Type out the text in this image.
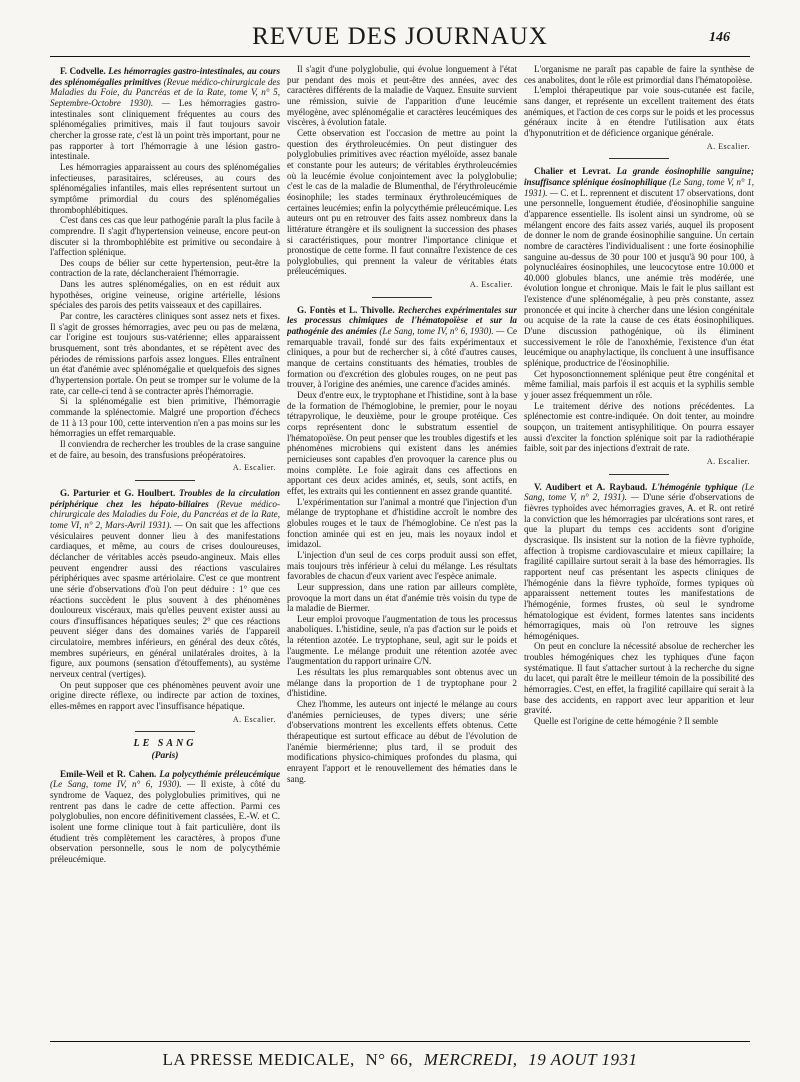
REVUE DES JOURNAUX	146

F. Codvelle. Les hémorragies gastro-intestinales, au cours des splénomégalies primitives (Revue médico-chirurgicale des Maladies du Foie, du Pancréas et de la Rate, tome V, n° 5, Septembre-Octobre 1930). — Les hémorragies gastro-intestinales sont cliniquement fréquentes au cours des splénomégalies primitives, mais il faut toujours savoir chercher la grosse rate, c'est là un point très important, pour ne pas rapporter à tort l'hémorragie à une lésion gastro-intestinale.

Les hémorragies apparaissent au cours des splénomégalies infectieuses, parasitaires, scléreuses, au cours des splénomégalies infantiles, mais elles représentent surtout un symptôme primordial du cours des splénomégalies thrombophlébitiques.

C'est dans ces cas que leur pathogénie paraît la plus facile à comprendre. Il s'agit d'hypertension veineuse, encore peut-on discuter si la thrombophlébite est primitive ou secondaire à l'affection splénique.

Des coups de bélier sur cette hypertension, peut-être la contraction de la rate, déclancheraient l'hémorragie.

Dans les autres splénomégalies, on en est réduit aux hypothèses, origine veineuse, origine artérielle, lésions spéciales des parois des petits vaisseaux et des capillaires.

Par contre, les caractères cliniques sont assez nets et fixes. Il s'agit de grosses hémorragies, avec peu ou pas de melæna, car l'origine est toujours sus-vatérienne; elles apparaissent brusquement, sont très abondantes, et se répètent avec des périodes de rémissions parfois assez longues. Elles entraînent un état d'anémie avec splénomégalie et quelquefois des signes d'hypertension portale. On peut se tromper sur le volume de la rate, car celle-ci tend à se contracter après l'hémorragie.

Si la splénomégalie est bien primitive, l'hémorragie commande la splénectomie. Malgré une proportion d'échecs de 11 à 13 pour 100, cette intervention n'en a pas moins sur les hémorragies un effet remarquable.

Il conviendra de rechercher les troubles de la crase sanguine et de faire, au besoin, des transfusions préopératoires.

A. Escalier.

G. Parturier et G. Houlbert. Troubles de la circulation périphérique chez les hépato-biliaires (Revue médico-chirurgicale des Maladies du Foie, du Pancréas et de la Rate, tome VI, n° 2, Mars-Avril 1931). — On sait que les affections vésiculaires peuvent donner lieu à des manifestations cardiaques, et même, au cours de crises douloureuses, déclancher de véritables accès pseudo-angineux. Mais elles peuvent engendrer aussi des réactions vasculaires périphériques avec spasme artériolaire. C'est ce que montrent une série d'observations d'où l'on peut déduire : 1° que ces réactions succèdent le plus souvent à des phénomènes douloureux viscéraux, mais qu'elles peuvent exister aussi au cours d'insuffisances hépatiques seules; 2° que ces réactions peuvent siéger dans des domaines variés de l'appareil circulatoire, membres inférieurs, en général des deux côtés, membres supérieurs, en général unilatérales droites, à la figure, aux poumons (sensation d'étouffements), au système nerveux central (vertiges).

On peut supposer que ces phénomènes peuvent avoir une origine directe réflexe, ou indirecte par action de toxines, elles-mêmes en rapport avec l'insuffisance hépatique.

A. Escalier.
LE SANG
(Paris)

Emile-Weil et R. Cahen. La polycythémie préleucémique (Le Sang, tome IV, n° 6, 1930). — Il existe, à côté du syndrome de Vaquez, des polyglobulies primitives, qui ne rentrent pas dans le cadre de cette affection. Parmi ces polyglobulies, non encore définitivement classées, E.-W. et C. isolent une forme clinique tout à fait particulière, dont ils étudient très complètement les caractères, à propos d'une observation personnelle, sous le nom de polycythémie préleucémique.

Il s'agit d'une polyglobulie, qui évolue longuement à l'état pur pendant des mois et peut-être des années, avec des caractères différents de la maladie de Vaquez. Ensuite survient une rémission, suivie de l'apparition d'une leucémie myélogène, avec splénomégalie et caractères leucémiques des viscères, à évolution fatale.

Cette observation est l'occasion de mettre au point la question des érythroleucémies. On peut distinguer des polyglobulies primitives avec réaction myéloïde, assez banale et constante pour les auteurs; de véritables érythroleucémies où la leucémie évolue conjointement avec la polyglobulie; c'est le cas de la maladie de Blumenthal, de l'érythroleucémie éosinophile; les stades terminaux érythroleucémiques de certaines leucémies; enfin la polycythémie préleucémique. Les auteurs ont pu en retrouver des faits assez nombreux dans la littérature étrangère et ils soulignent la succession des phases si caractéristiques, pour montrer l'importance clinique et pronostique de cette forme. Il faut connaître l'existence de ces polyglobulies, qui prennent la valeur de véritables états préleucémiques.

A. Escalier.

G. Fontès et L. Thivolle. Recherches expérimentales sur les processus chimiques de l'hématopoïèse et sur la pathogénie des anémies (Le Sang, tome IV, n° 6, 1930). — Ce remarquable travail, fondé sur des faits expérimentaux et cliniques, a pour but de rechercher si, à côté d'autres causes, manque de certains constituants des hématies, troubles de formation ou d'excrétion des globules rouges, on ne peut pas trouver, à l'origine des anémies, une carence d'acides aminés.

Deux d'entre eux, le tryptophane et l'histidine, sont à la base de la formation de l'hémoglobine, le premier, pour le noyau tétrapyrolique, le deuxième, pour le groupe protéique. Ces corps représentent donc le substratum essentiel de l'hématopoïèse. On peut penser que les troubles digestifs et les phénomènes microbiens qui existent dans les anémies pernicieuses sont capables d'en provoquer la carence plus ou moins complète. Le foie agirait dans ces affections en apportant ces deux acides aminés, et, seuls, sont actifs, en effet, les extraits qui les contiennent en assez grande quantité.

L'expérimentation sur l'animal a montré que l'injection d'un mélange de tryptophane et d'histidine accroît le nombre des globules rouges et le taux de l'hémoglobine. Ce n'est pas la fonction aminée qui est en jeu, mais les noyaux indol et imidazol.

L'injection d'un seul de ces corps produit aussi son effet, mais toujours très inférieur à celui du mélange. Les résultats favorables de chacun d'eux varient avec l'espèce animale.

Leur suppression, dans une ration par ailleurs complète, provoque la mort dans un état d'anémie très voisin du type de la maladie de Biermer.

Leur emploi provoque l'augmentation de tous les processus anaboliques. L'histidine, seule, n'a pas d'action sur le poids et la rétention azotée. Le tryptophane, seul, agit sur le poids et l'augmente. Le mélange produit une rétention azotée avec l'augmentation du rapport urinaire C/N.

Les résultats les plus remarquables sont obtenus avec un mélange dans la proportion de 1 de tryptophane pour 2 d'histidine.

Chez l'homme, les auteurs ont injecté le mélange au cours d'anémies pernicieuses, de types divers; une série d'observations montrent les excellents effets obtenus. Cette thérapeutique est surtout efficace au début de l'évolution de l'anémie biermérienne; plus tard, il se produit des modifications physico-chimiques profondes du plasma, qui enrayent l'apport et le renouvellement des hématies dans le sang.

L'organisme ne paraît pas capable de faire la synthèse de ces anabolites, dont le rôle est primordial dans l'hématopoïèse.

L'emploi thérapeutique par voie sous-cutanée est facile, sans danger, et représente un excellent traitement des états anémiques, et l'action de ces corps sur le poids et les processus généraux incite à en étendre l'utilisation aux états d'hyponutrition et de déficience organique générale.

A. Escalier.

Chalier et Levrat. La grande éosinophilie sanguine; insuffisance splénique éosinophilique (Le Sang, tome V, n° 1, 1931). — C. et L. reprennent et discutent 17 observations, dont une personnelle, longuement étudiée, d'éosinophilie sanguine d'apparence essentielle. Ils isolent ainsi un syndrome, où se mélangent encore des faits assez variés, auquel ils proposent de donner le nom de grande éosinophilie sanguine. Un certain nombre de caractères l'individualisent : une forte éosinophilie sanguine au-dessus de 30 pour 100 et jusqu'à 90 pour 100, à polynucléaires éosinophiles, une leucocytose entre 10.000 et 40.000 globules blancs, une anémie très modérée, une évolution longue et chronique. Mais le fait le plus saillant est l'existence d'une splénomégalie, à peu près constante, assez prononcée et qui incite à chercher dans une lésion congénitale ou acquise de la rate la cause de ces états éosinophiliques. D'une discussion pathogénique, où ils éliminent successivement le rôle de l'anoxhémie, l'existence d'un état leucémique ou anaphylactique, ils concluent à une insuffisance splénique, productrice de l'éosinophilie.

Cet hyposonctionnement splénique peut être congénital et même familial, mais parfois il est acquis et la syphilis semble y jouer assez fréquemment un rôle.

Le traitement dérive des notions précédentes. La splénectomie est contre-indiquée. On doit tenter, au moindre soupçon, un traitement antisyphilitique. On pourra essayer aussi d'exciter la fonction splénique soit par la radiothérapie faible, soit par des injections d'extrait de rate.

A. Escalier.

V. Audibert et A. Raybaud. L'hémogénie typhique (Le Sang, tome V, n° 2, 1931). — D'une série d'observations de fièvres typhoïdes avec hémorragies graves, A. et R. ont retiré la conviction que les hémorragies par ulcérations sont rares, et que la plupart du temps ces accidents sont d'origine dyscrasique. Ils insistent sur la notion de la fièvre typhoïde, affection à tropisme cardiovasculaire et mieux capillaire; la fragilité capillaire surtout serait à la base des hémorragies. Ils rapportent neuf cas présentant les aspects cliniques de l'hémogénie dans la fièvre typhoïde, formes typiques où apparaissent nettement toutes les manifestations de l'hémogénie, formes frustes, où seul le syndrome hématologique est évident, formes latentes sans incidents hémorragiques, mais où l'on retrouve les signes hémogéniques.

On peut en conclure la nécessité absolue de rechercher les troubles hémogéniques chez les typhiques d'une façon systématique. Il faut s'attacher surtout à la recherche du signe du lacet, qui paraît être le meilleur témoin de la possibilité des hémorragies. C'est, en effet, la fragilité capillaire qui serait à la base des accidents, en rapport avec leur apparition et leur gravité.

Quelle est l'origine de cette hémogénie ? Il semble

LA PRESSE MEDICALE, N° 66, MERCREDI, 19 AOUT 1931
